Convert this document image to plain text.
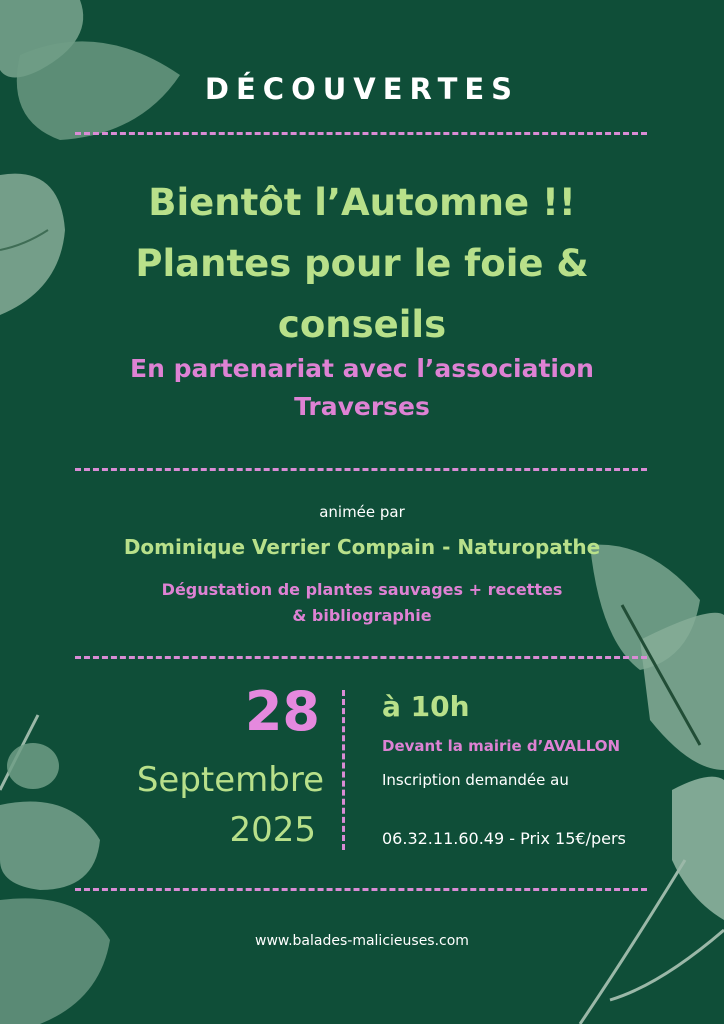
DÉCOUVERTES

Bientôt l’Automne !!
Plantes pour le foie &
conseils
En partenariat avec l’association
Traverses

animée par

Dominique Verrier Compain - Naturopathe

Dégustation de plantes sauvages + recettes
& bibliographie
28
Septembre
2025
à 10h
Devant la mairie d’AVALLON
Inscription demandée au
06.32.11.60.49 - Prix 15€/pers

www.balades-malicieuses.com
